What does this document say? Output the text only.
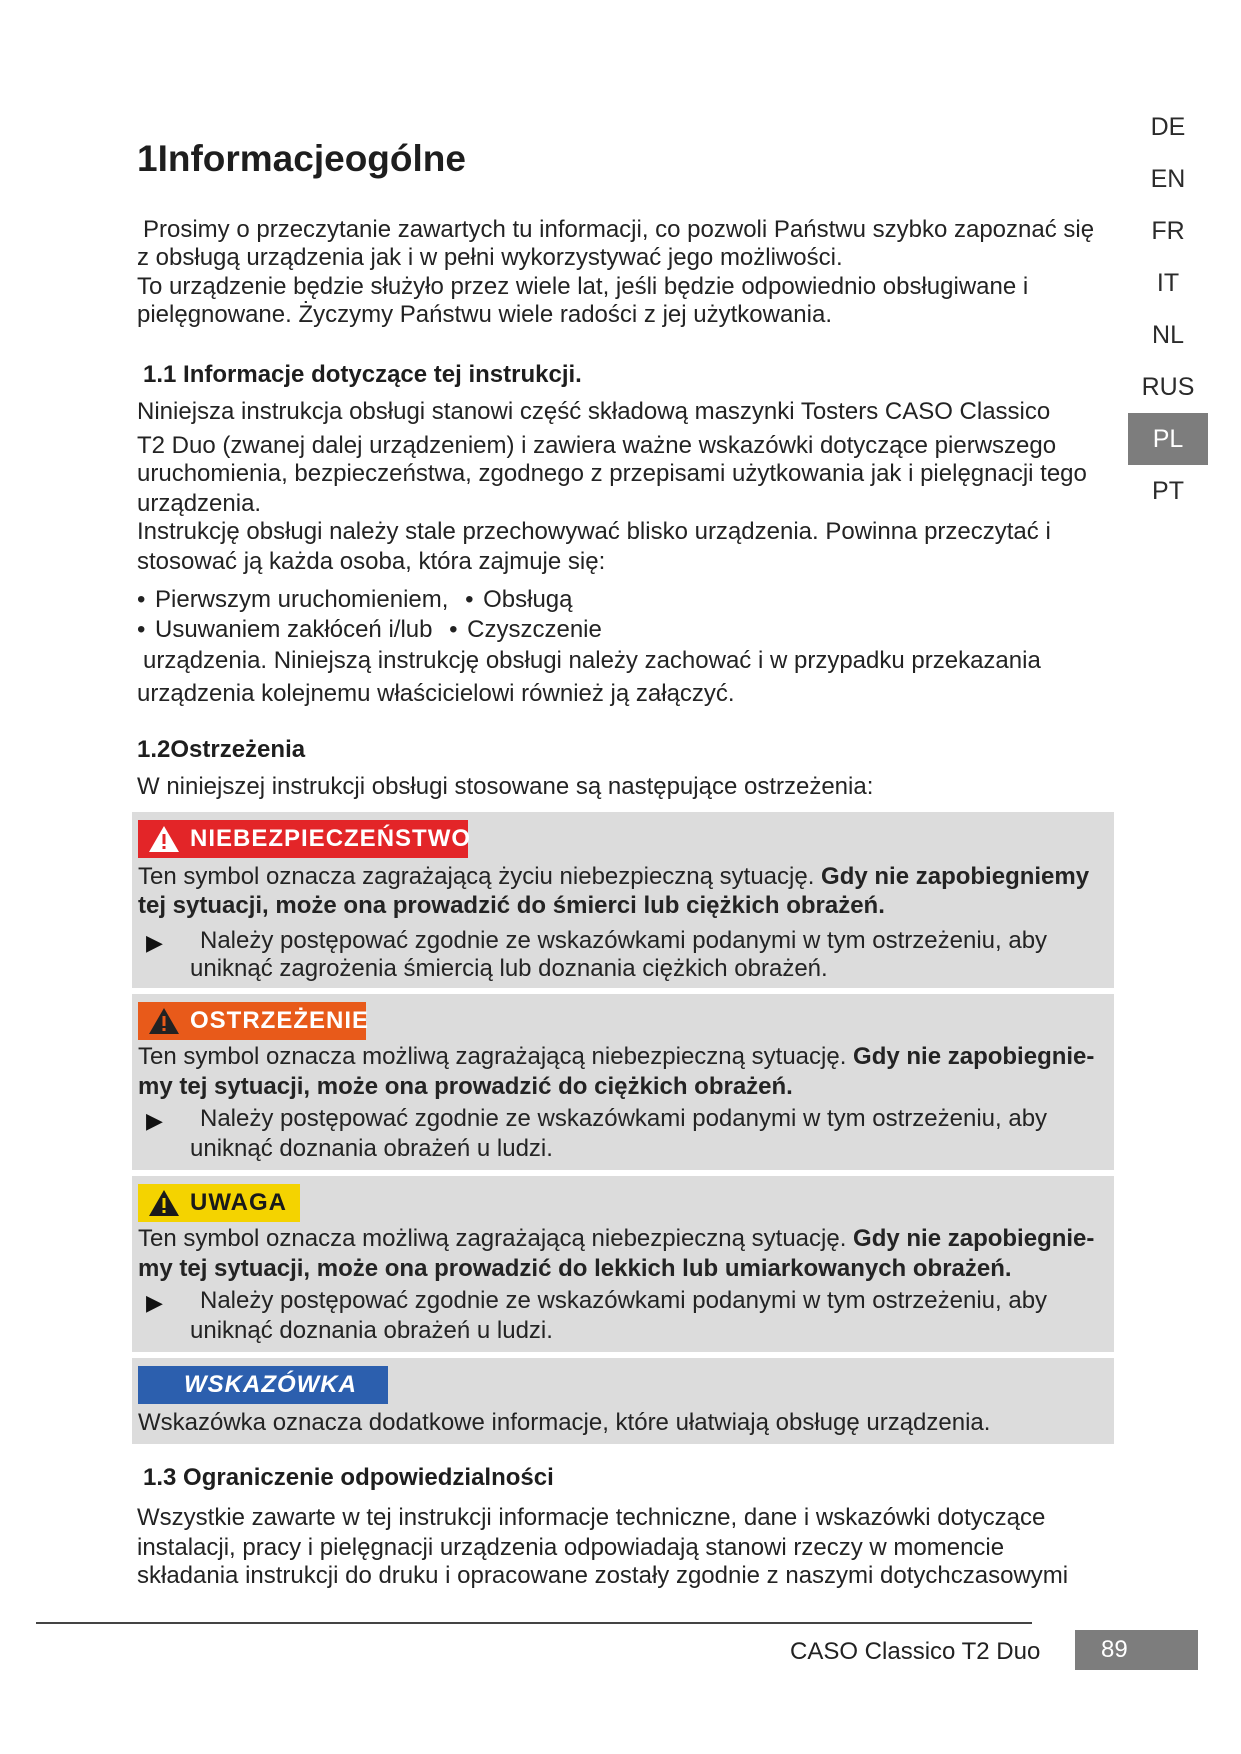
DE
EN
FR
IT
NL
RUS
PL
PT
1Informacjeogólne

Prosimy o przeczytanie zawartych tu informacji, co pozwoli Państwu szybko zapoznać się

z obsługą urządzenia jak i w pełni wykorzystywać jego możliwości.

To urządzenie będzie służyło przez wiele lat, jeśli będzie odpowiednio obsługiwane i

pielęgnowane. Życzymy Państwu wiele radości z jej użytkowania.

1.1 Informacje dotyczące tej instrukcji.

Niniejsza instrukcja obsługi stanowi część składową maszynki Tosters CASO Classico

T2 Duo (zwanej dalej urządzeniem) i zawiera ważne wskazówki dotyczące pierwszego

uruchomienia, bezpieczeństwa, zgodnego z przepisami użytkowania jak i pielęgnacji tego

urządzenia.

Instrukcję obsługi należy stale przechowywać blisko urządzenia. Powinna przeczytać i

stosować ją każda osoba, która zajmuje się:

• Pierwszym uruchomieniem, • Obsługą
• Usuwaniem zakłóceń i/lub • Czyszczenie

urządzenia. Niniejszą instrukcję obsługi należy zachować i w przypadku przekazania

urządzenia kolejnemu właścicielowi również ją załączyć.

1.2Ostrzeżenia

W niniejszej instrukcji obsługi stosowane są następujące ostrzeżenia:

NIEBEZPIECZEŃSTWO
Ten symbol oznacza zagrażającą życiu niebezpieczną sytuację. Gdy nie zapobiegniemy
tej sytuacji, może ona prowadzić do śmierci lub ciężkich obrażeń.
▶ Należy postępować zgodnie ze wskazówkami podanymi w tym ostrzeżeniu, aby
uniknąć zagrożenia śmiercią lub doznania ciężkich obrażeń.
OSTRZEŻENIE
Ten symbol oznacza możliwą zagrażającą niebezpieczną sytuację. Gdy nie zapobiegnie-
my tej sytuacji, może ona prowadzić do ciężkich obrażeń.
▶ Należy postępować zgodnie ze wskazówkami podanymi w tym ostrzeżeniu, aby
uniknąć doznania obrażeń u ludzi.
UWAGA
Ten symbol oznacza możliwą zagrażającą niebezpieczną sytuację. Gdy nie zapobiegnie-
my tej sytuacji, może ona prowadzić do lekkich lub umiarkowanych obrażeń.
▶ Należy postępować zgodnie ze wskazówkami podanymi w tym ostrzeżeniu, aby
uniknąć doznania obrażeń u ludzi.
WSKAZÓWKA
Wskazówka oznacza dodatkowe informacje, które ułatwiają obsługę urządzenia.

1.3 Ograniczenie odpowiedzialności

Wszystkie zawarte w tej instrukcji informacje techniczne, dane i wskazówki dotyczące

instalacji, pracy i pielęgnacji urządzenia odpowiadają stanowi rzeczy w momencie

składania instrukcji do druku i opracowane zostały zgodnie z naszymi dotychczasowymi

CASO Classico T2 Duo	89
